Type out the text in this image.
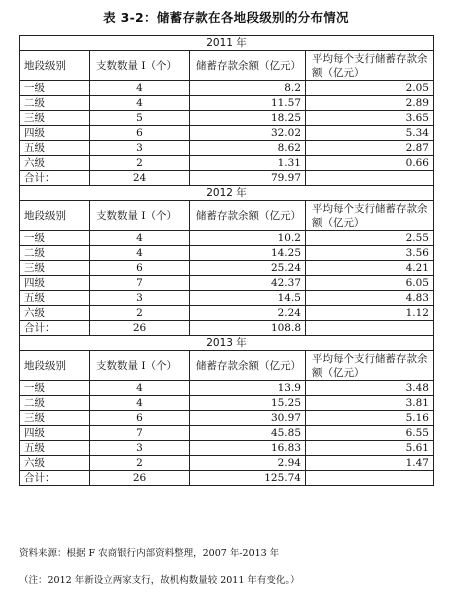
表 3-2：储蓄存款在各地段级别的分布情况
2011 年			
地段级别	支数数量 I（个）	储蓄存款余额（亿元）	平均每个支行储蓄存款余额（亿元）
一级	4	8.2	2.05
二级	4	11.57	2.89
三级	5	18.25	3.65
四级	6	32.02	5.34
五级	3	8.62	2.87
六级	2	1.31	0.66
合计：	24	79.97	
2012 年			
地段级别	支数数量 I（个）	储蓄存款余额（亿元）	平均每个支行储蓄存款余额（亿元）
一级	4	10.2	2.55
二级	4	14.25	3.56
三级	6	25.24	4.21
四级	7	42.37	6.05
五级	3	14.5	4.83
六级	2	2.24	1.12
合计：	26	108.8	
2013 年			
地段级别	支数数量 I（个）	储蓄存款余额（亿元）	平均每个支行储蓄存款余额（亿元）
一级	4	13.9	3.48
二级	4	15.25	3.81
三级	6	30.97	5.16
四级	7	45.85	6.55
五级	3	16.83	5.61
六级	2	2.94	1.47
合计：	26	125.74	
资料来源：根据 F 农商银行内部资料整理，2007 年-2013 年
（注：2012 年新设立两家支行，故机构数量较 2011 年有变化。）
